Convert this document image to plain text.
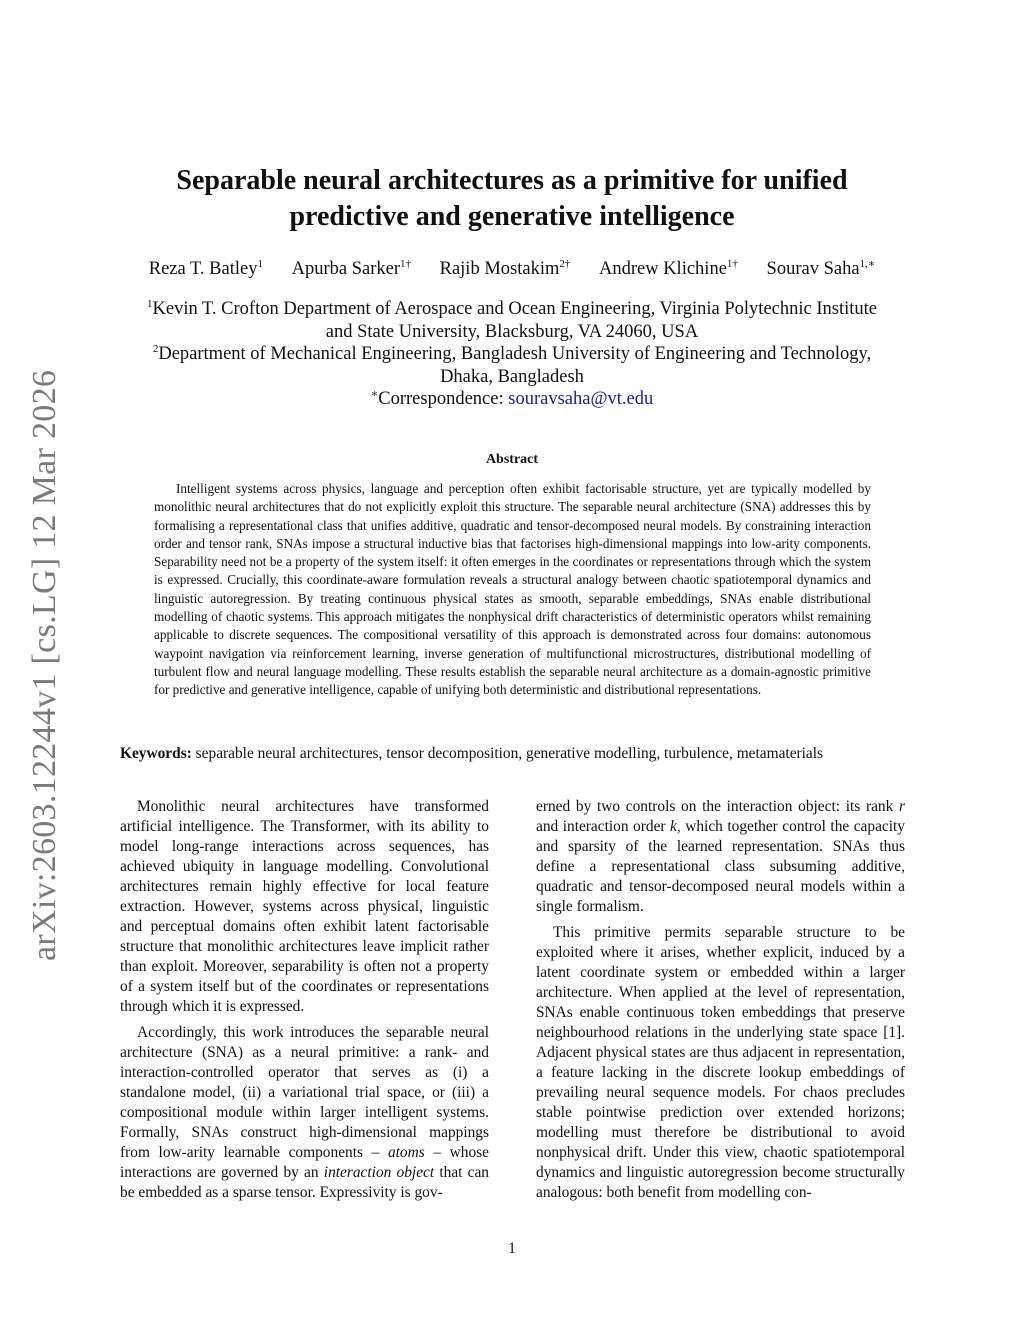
arXiv:2603.12244v1 [cs.LG] 12 Mar 2026
Separable neural architectures as a primitive for unified
predictive and generative intelligence
Reza T. Batley$^1$ Apurba Sarker$^{1\dagger}$ Rajib Mostakim$^{2\dagger}$ Andrew Klichine$^{1\dagger}$ Sourav Saha$^{1,∗}$
$^1$Kevin T. Crofton Department of Aerospace and Ocean Engineering, Virginia Polytechnic Institute
and State University, Blacksburg, VA 24060, USA
$^2$Department of Mechanical Engineering, Bangladesh University of Engineering and Technology,
Dhaka, Bangladesh
∗Correspondence: souravsaha@vt.edu
Abstract

Intelligent systems across physics, language and perception often exhibit factorisable structure, yet are typically modelled by monolithic neural architectures that do not explicitly exploit this structure. The separable neural architecture (SNA) addresses this by formalising a representational class that unifies additive, quadratic and tensor-decomposed neural models. By constraining interaction order and tensor rank, SNAs impose a structural inductive bias that factorises high-dimensional mappings into low-arity components. Separability need not be a property of the system itself: it often emerges in the coordinates or representations through which the system is expressed. Crucially, this coordinate-aware formulation reveals a structural analogy between chaotic spatiotemporal dynamics and linguistic autoregression. By treating continuous physical states as smooth, separable embeddings, SNAs enable distributional modelling of chaotic systems. This approach mitigates the nonphysical drift characteristics of deterministic operators whilst remaining applicable to discrete sequences. The compositional versatility of this approach is demonstrated across four domains: autonomous waypoint navigation via reinforcement learning, inverse generation of multifunctional microstructures, distributional modelling of turbulent flow and neural language modelling. These results establish the separable neural architecture as a domain-agnostic primitive for predictive and generative intelligence, capable of unifying both deterministic and distributional representations.

Keywords: separable neural architectures, tensor decomposition, generative modelling, turbulence, metamaterials

Monolithic neural architectures have transformed artificial intelligence. The Transformer, with its ability to model long-range interactions across sequences, has achieved ubiquity in language modelling. Convolutional architectures remain highly effective for local feature extraction. However, systems across physical, linguistic and perceptual domains often exhibit latent factorisable structure that monolithic architectures leave implicit rather than exploit. Moreover, separability is often not a property of a system itself but of the coordinates or representations through which it is expressed.

Accordingly, this work introduces the separable neural architecture (SNA) as a neural primitive: a rank- and interaction-controlled operator that serves as (i) a standalone model, (ii) a variational trial space, or (iii) a compositional module within larger intelligent systems. Formally, SNAs construct high-dimensional mappings from low-arity learnable components – atoms – whose interactions are governed by an interaction object that can be embedded as a sparse tensor. Expressivity is gov-

erned by two controls on the interaction object: its rank r and interaction order k, which together control the capacity and sparsity of the learned representation. SNAs thus define a representational class subsuming additive, quadratic and tensor-decomposed neural models within a single formalism.

This primitive permits separable structure to be exploited where it arises, whether explicit, induced by a latent coordinate system or embedded within a larger architecture. When applied at the level of representation, SNAs enable continuous token embeddings that preserve neighbourhood relations in the underlying state space [1]. Adjacent physical states are thus adjacent in representation, a feature lacking in the discrete lookup embeddings of prevailing neural sequence models. For chaos precludes stable pointwise prediction over extended horizons; modelling must therefore be distributional to avoid nonphysical drift. Under this view, chaotic spatiotemporal dynamics and linguistic autoregression become structurally analogous: both benefit from modelling con-

1
